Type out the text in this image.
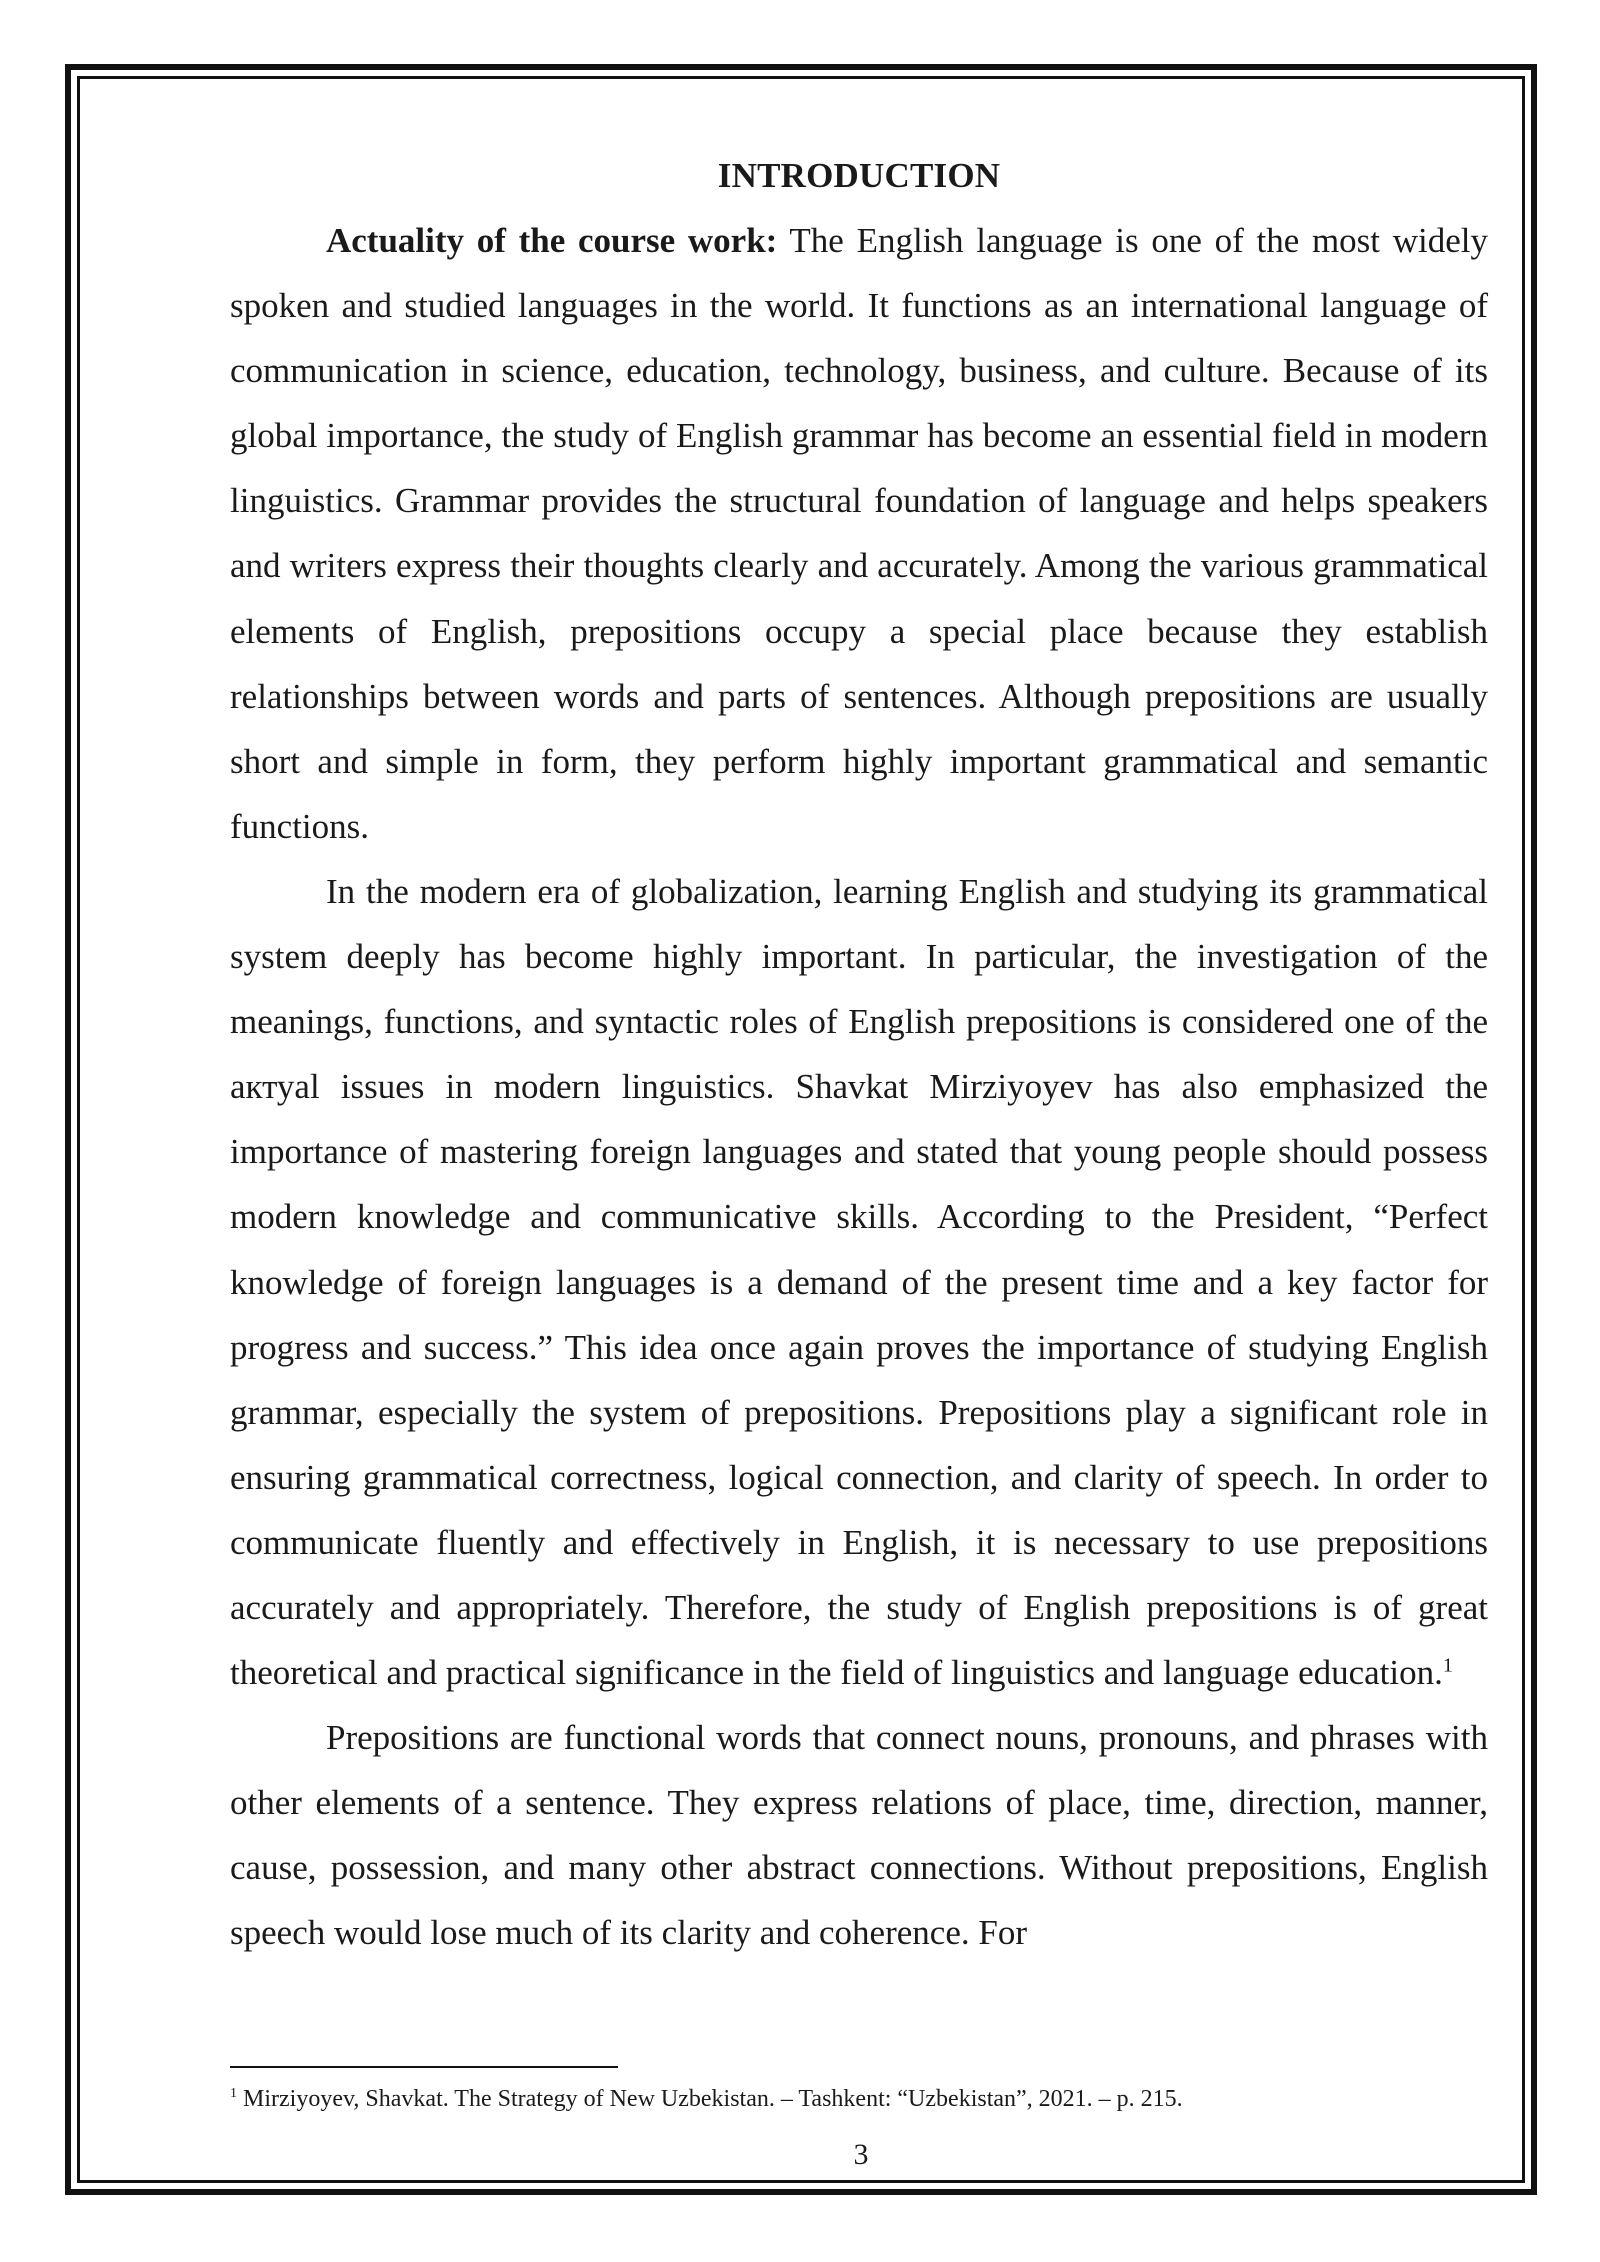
INTRODUCTION

Actuality of the course work: The English language is one of the most widely spoken and studied languages in the world. It functions as an international language of communication in science, education, technology, business, and culture. Because of its global importance, the study of English grammar has become an essential field in modern linguistics. Grammar provides the structural foundation of language and helps speakers and writers express their thoughts clearly and accurately. Among the various grammatical elements of English, prepositions occupy a special place because they establish relationships between words and parts of sentences. Although prepositions are usually short and simple in form, they perform highly important grammatical and semantic functions.

In the modern era of globalization, learning English and studying its grammatical system deeply has become highly important. In particular, the investigation of the meanings, functions, and syntactic roles of English prepositions is considered one of the актуal issues in modern linguistics. Shavkat Mirziyoyev has also emphasized the importance of mastering foreign languages and stated that young people should possess modern knowledge and communicative skills. According to the President, “Perfect knowledge of foreign languages is a demand of the present time and a key factor for progress and success.” This idea once again proves the importance of studying English grammar, especially the system of prepositions. Prepositions play a significant role in ensuring grammatical correctness, logical connection, and clarity of speech. In order to communicate fluently and effectively in English, it is necessary to use prepositions accurately and appropriately. Therefore, the study of English prepositions is of great theoretical and practical significance in the field of linguistics and language education.$^1$

Prepositions are functional words that connect nouns, pronouns, and phrases with other elements of a sentence. They express relations of place, time, direction, manner, cause, possession, and many other abstract connections. Without prepositions, English speech would lose much of its clarity and coherence. For

$^1$ Mirziyoyev, Shavkat. The Strategy of New Uzbekistan. – Tashkent: “Uzbekistan”, 2021. – p. 215.
3
